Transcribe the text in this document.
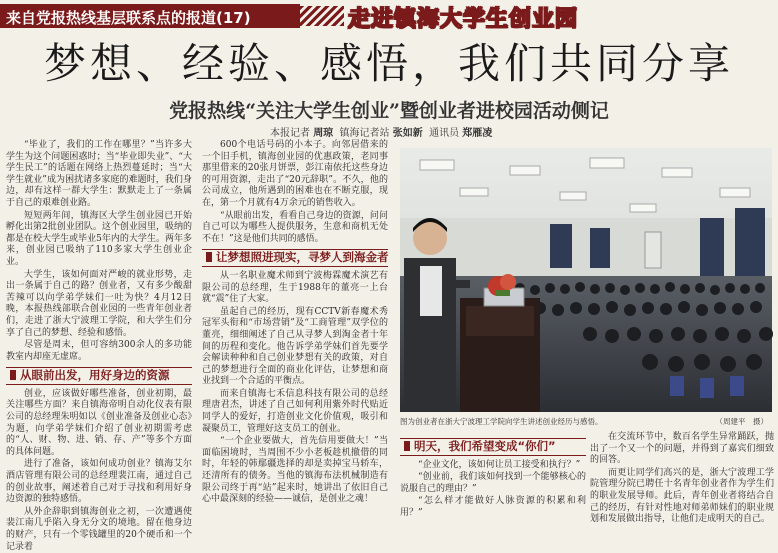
来自党报热线基层联系点的报道(17)	走进镇海大学生创业园
梦想、经验、感悟，我们共同分享
党报热线“关注大学生创业”暨创业者进校园活动侧记
本报记者 周琼 镇海记者站 张如新 通讯员 郑雁凌

“毕业了，我们的工作在哪里？”当许多大学生为这个问题困惑时；当“毕业即失业”、“大学生民工”的话题在网络上热烈蔓延时；当“大学生就业”成为困扰诸多家庭的难题时，我们身边，却有这样一群大学生：默默走上了一条属于自己的艰难创业路。

短短两年间，镇海区大学生创业园已开始孵化出第2批创业团队。这个创业园里，吸纳的都是在校大学生或毕业5年内的大学生。两年多来，创业园已吸纳了110多家大学生创业企业。

大学生，该如何面对严峻的就业形势，走出一条属于自己的路？创业者，又有多少酸甜苦辣可以向学弟学妹们一吐为快？4月12日晚，本报热线部联合创业园的一些青年创业者们，走进了浙大宁波理工学院，和大学生们分享了自己的梦想、经验和感悟。

尽管是周末，但可容纳300余人的多功能教室内却座无虚席。

从眼前出发，用好身边的资源

创业，应该做好哪些准备，创业初期，最关注哪些方面？来自镇海帝明自动化仪表有限公司的总经理朱明如以《创业准备及创业心态》为题，向学弟学妹们介绍了创业初期需考虑的“人、财、物、进、销、存、产”等多个方面的具体问题。

进行了准备，该如何成功创业？镇海艾尔酒店管理有限公司的总经理裴江南，通过自己的创业故事，阐述着自己对于寻找和利用好身边资源的独特感悟。

从外企辞职到镇海创业之初，一次遭遇使裴江南几乎陷入身无分文的境地。留在他身边的财产，只有一个零钱罐里的20个硬币和一个记录着

600个电话号码的小本子。向邻居借来的一个旧手机，镇海创业园的优惠政策，老同事那里借来的20张月饼票，彭江南依托这些身边的可用资源，走出了“20元辞职”。不久，他的公司成立，他所遇到的困难也在不断克服，现在，第一个月就有4万余元的销售收入。

“从眼前出发，看看自己身边的资源，问问自己可以为哪些人提供服务，生意和商机无处不在！”这是他们共同的感悟。

让梦想照进现实，寻梦人到海金者

从一名职业魔术师到宁波梅霖魔术演艺有限公司的总经理，生于1988年的董亮一上台就“震”住了大家。

虽起自己的经历，现有CCTV新春魔术秀冠军头衔和“市场营销”及“工商管理”双学位的董亮，细细阐述了自己从寻梦人到淘金者十年间的历程和变化。他告诉学弟学妹们首先要学会解读种种和自己创业梦想有关的政策，对自己的梦想进行全面的商业化评估，让梦想和商业找到一个合适的平衡点。

而来自镇海七禾信息科技有限公司的总经理唐君杰，讲述了自己如何利用紫外时代贴近同学人的爱好，打造创业文化价值观，吸引和凝聚员工，管理好这支员工的创业。

“一个企业要做大，首先信用要做大！”当面临困境时，当周围不少小老板趁机撤借的同时，年轻的韩鄢疆选择的却是卖掉宝马轿车，还清所有的债务。当他的镇海布法机械制造有限公司终于再“站”起来时，她讲出了依旧自己心中最深刻的经验——诚信，是创业之魂！

图为创业者在浙大宁波理工学院向学生讲述创业经历与感悟。	（周建平　摄）

明天，我们希望变成“你们”

“企业文化，该如何让员工接受和执行？”

“创业前，我们该如何找到一个能够核心的说服自己的理由？”

“怎么样才能做好人脉资源的积累和利用？”

在交流环节中，数百名学生异常踊跃，抛出了一个又一个的问题，并得到了嘉宾们细致的回答。

而更让同学们高兴的是，浙大宁波理工学院管理分院已聘任十名青年创业者作为学生们的职业发展导师。此后，青年创业者将结合自己的经历，有针对性地对师弟师妹们的职业规划和发展做出指导，让他们走成明天的自己。
